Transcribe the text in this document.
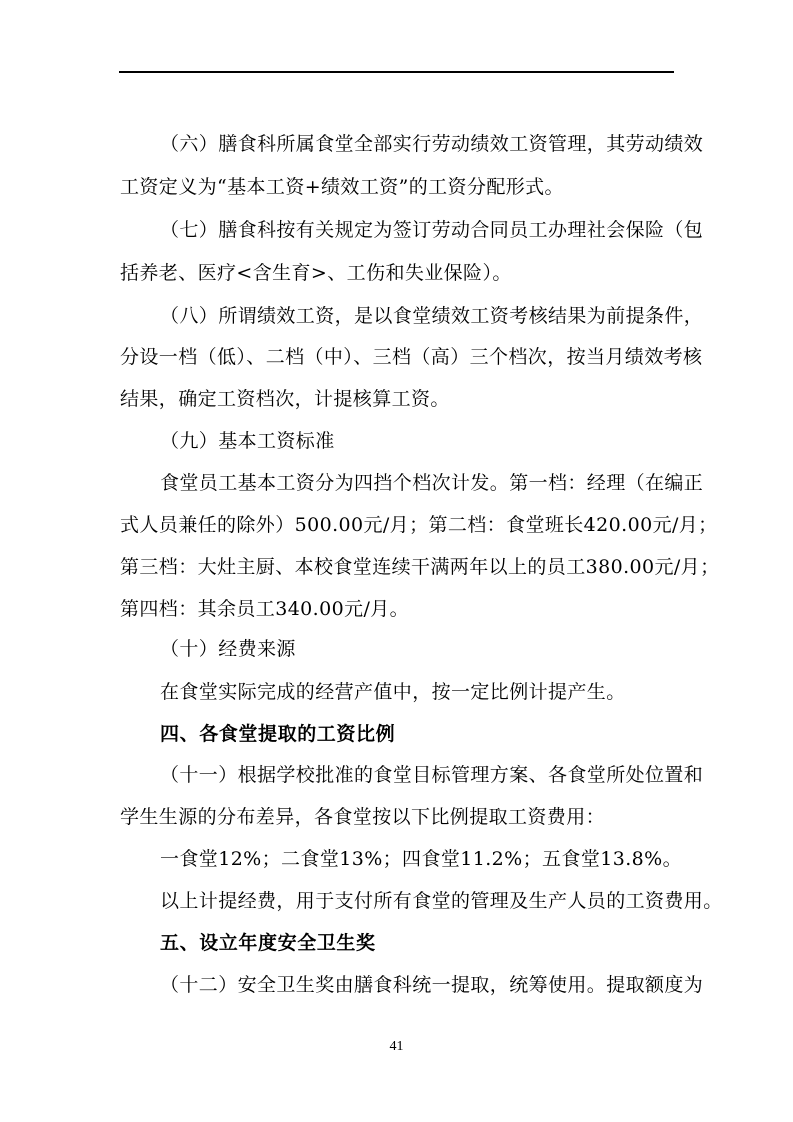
（六）膳食科所属食堂全部实行劳动绩效工资管理，其劳动绩效
工资定义为“基本工资+绩效工资”的工资分配形式。
（七）膳食科按有关规定为签订劳动合同员工办理社会保险（包
括养老、医疗<含生育>、工伤和失业保险）。
（八）所谓绩效工资，是以食堂绩效工资考核结果为前提条件，
分设一档（低）、二档（中）、三档（高）三个档次，按当月绩效考核
结果，确定工资档次，计提核算工资。
（九）基本工资标准
食堂员工基本工资分为四挡个档次计发。第一档：经理（在编正
式人员兼任的除外）500.00元/月；第二档：食堂班长420.00元/月；
第三档：大灶主厨、本校食堂连续干满两年以上的员工380.00元/月；
第四档：其余员工340.00元/月。
（十）经费来源
在食堂实际完成的经营产值中，按一定比例计提产生。
四、各食堂提取的工资比例
（十一）根据学校批准的食堂目标管理方案、各食堂所处位置和
学生生源的分布差异，各食堂按以下比例提取工资费用：
一食堂12%；二食堂13%；四食堂11.2%；五食堂13.8%。
以上计提经费，用于支付所有食堂的管理及生产人员的工资费用。
五、设立年度安全卫生奖
（十二）安全卫生奖由膳食科统一提取，统筹使用。提取额度为
41
